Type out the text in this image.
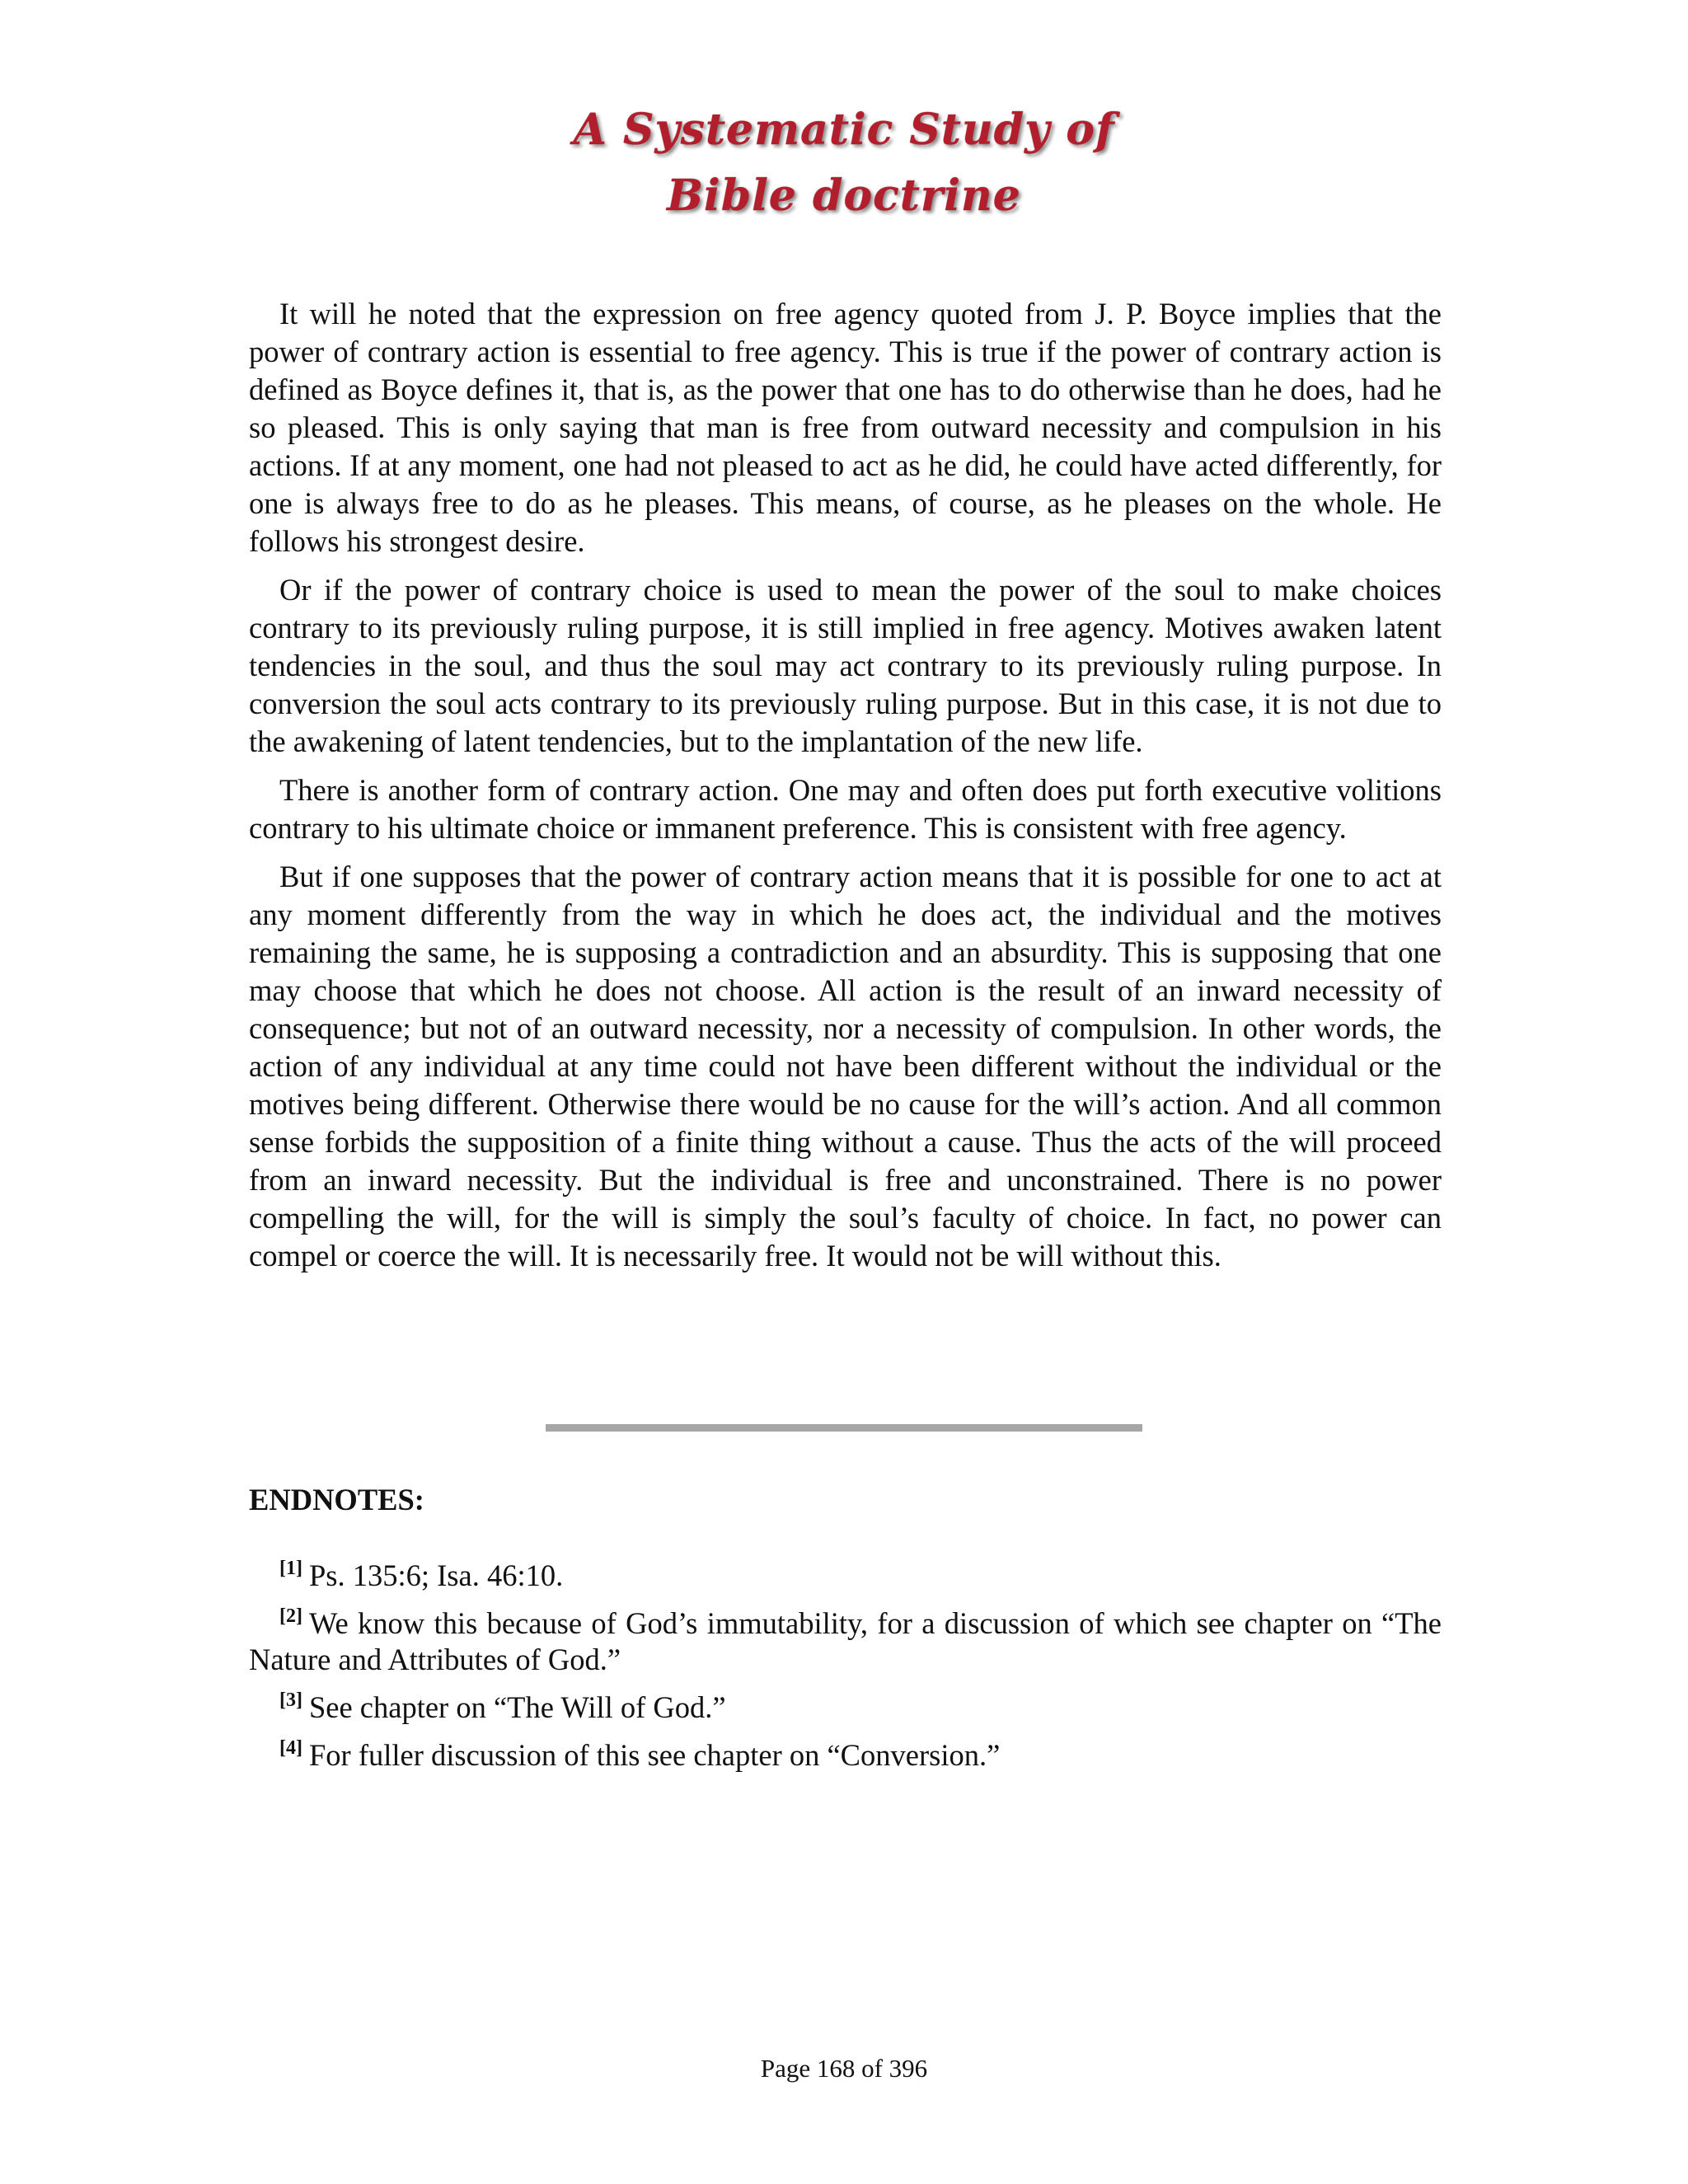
A Systematic Study of
Bible doctrine

It will he noted that the expression on free agency quoted from J. P. Boyce implies that the power of contrary action is essential to free agency. This is true if the power of contrary action is defined as Boyce defines it, that is, as the power that one has to do otherwise than he does, had he so pleased. This is only saying that man is free from outward necessity and compulsion in his actions. If at any moment, one had not pleased to act as he did, he could have acted differently, for one is always free to do as he pleases. This means, of course, as he pleases on the whole. He follows his strongest desire.

Or if the power of contrary choice is used to mean the power of the soul to make choices contrary to its previously ruling purpose, it is still implied in free agency. Motives awaken latent tendencies in the soul, and thus the soul may act contrary to its previously ruling purpose. In conversion the soul acts contrary to its previously ruling purpose. But in this case, it is not due to the awakening of latent tendencies, but to the implantation of the new life.

There is another form of contrary action. One may and often does put forth executive volitions contrary to his ultimate choice or immanent preference. This is consistent with free agency.

But if one supposes that the power of contrary action means that it is possible for one to act at any moment differently from the way in which he does act, the individual and the motives remaining the same, he is supposing a contradiction and an absurdity. This is supposing that one may choose that which he does not choose. All action is the result of an inward necessity of consequence; but not of an outward necessity, nor a necessity of compulsion. In other words, the action of any individual at any time could not have been different without the individual or the motives being different. Otherwise there would be no cause for the will’s action. And all common sense forbids the supposition of a finite thing without a cause. Thus the acts of the will proceed from an inward necessity. But the individual is free and unconstrained. There is no power compelling the will, for the will is simply the soul’s faculty of choice. In fact, no power can compel or coerce the will. It is necessarily free. It would not be will without this.

ENDNOTES:

[1] Ps. 135:6; Isa. 46:10.

[2] We know this because of God’s immutability, for a discussion of which see chapter on “The Nature and Attributes of God.”

[3] See chapter on “The Will of God.”

[4] For fuller discussion of this see chapter on “Conversion.”

Page 168 of 396
